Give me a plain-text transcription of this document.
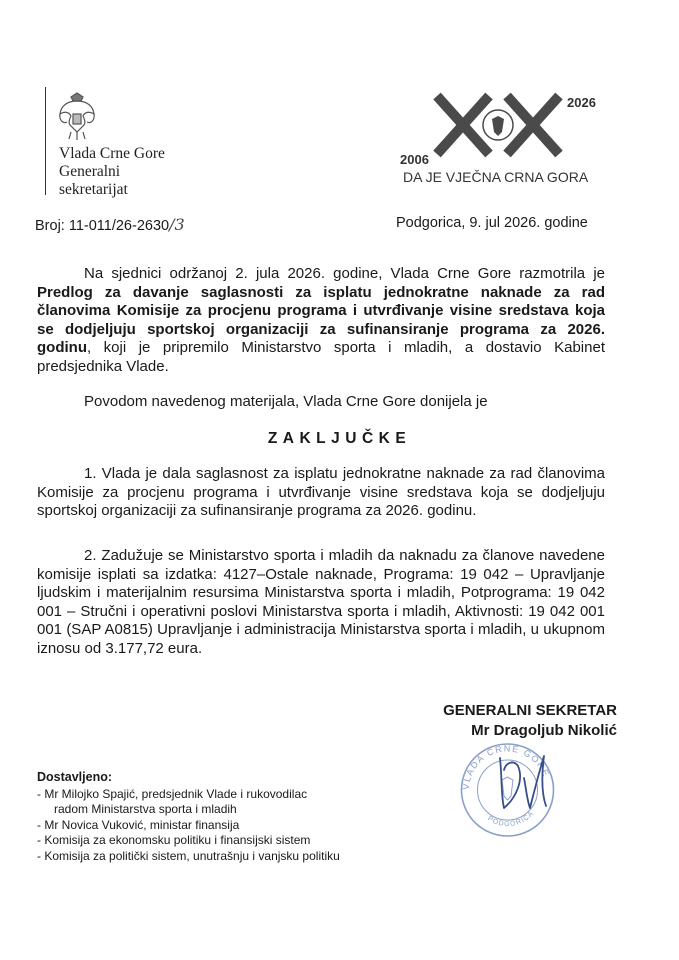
Vlada Crne Gore
Generalni
sekretarijat
2026
2006
DA JE VJEČNA CRNA GORA
Broj: 11-011/26-2630/3	Podgorica, 9. jul 2026. godine
Na sjednici održanoj 2. jula 2026. godine, Vlada Crne Gore razmotrila je Predlog za davanje saglasnosti za isplatu jednokratne naknade za rad članovima Komisije za procjenu programa i utvrđivanje visine sredstava koja se dodjeljuju sportskoj organizaciji za sufinansiranje programa za 2026. godinu, koji je pripremilo Ministarstvo sporta i mladih, a dostavio Kabinet predsjednika Vlade.
Povodom navedenog materijala, Vlada Crne Gore donijela je
ZAKLJUČKE
1. Vlada je dala saglasnost za isplatu jednokratne naknade za rad članovima Komisije za procjenu programa i utvrđivanje visine sredstava koja se dodjeljuju sportskoj organizaciji za sufinansiranje programa za 2026. godinu.
2. Zadužuje se Ministarstvo sporta i mladih da naknadu za članove navedene komisije isplati sa izdatka: 4127–Ostale naknade, Programa: 19 042 – Upravljanje ljudskim i materijalnim resursima Ministarstva sporta i mladih, Potprograma: 19 042 001 – Stručni i operativni poslovi Ministarstva sporta i mladih, Aktivnosti: 19 042 001 001 (SAP A0815) Upravljanje i administracija Ministarstva sporta i mladih, u ukupnom iznosu od 3.177,72 eura.
GENERALNI SEKRETAR
Mr Dragoljub Nikolić
VLADA CRNE GORE
PODGORICA
Dostavljeno:
- Mr Milojko Spajić, predsjednik Vlade i rukovodilac
radom Ministarstva sporta i mladih
- Mr Novica Vuković, ministar finansija
- Komisija za ekonomsku politiku i finansijski sistem
- Komisija za politički sistem, unutrašnju i vanjsku politiku
